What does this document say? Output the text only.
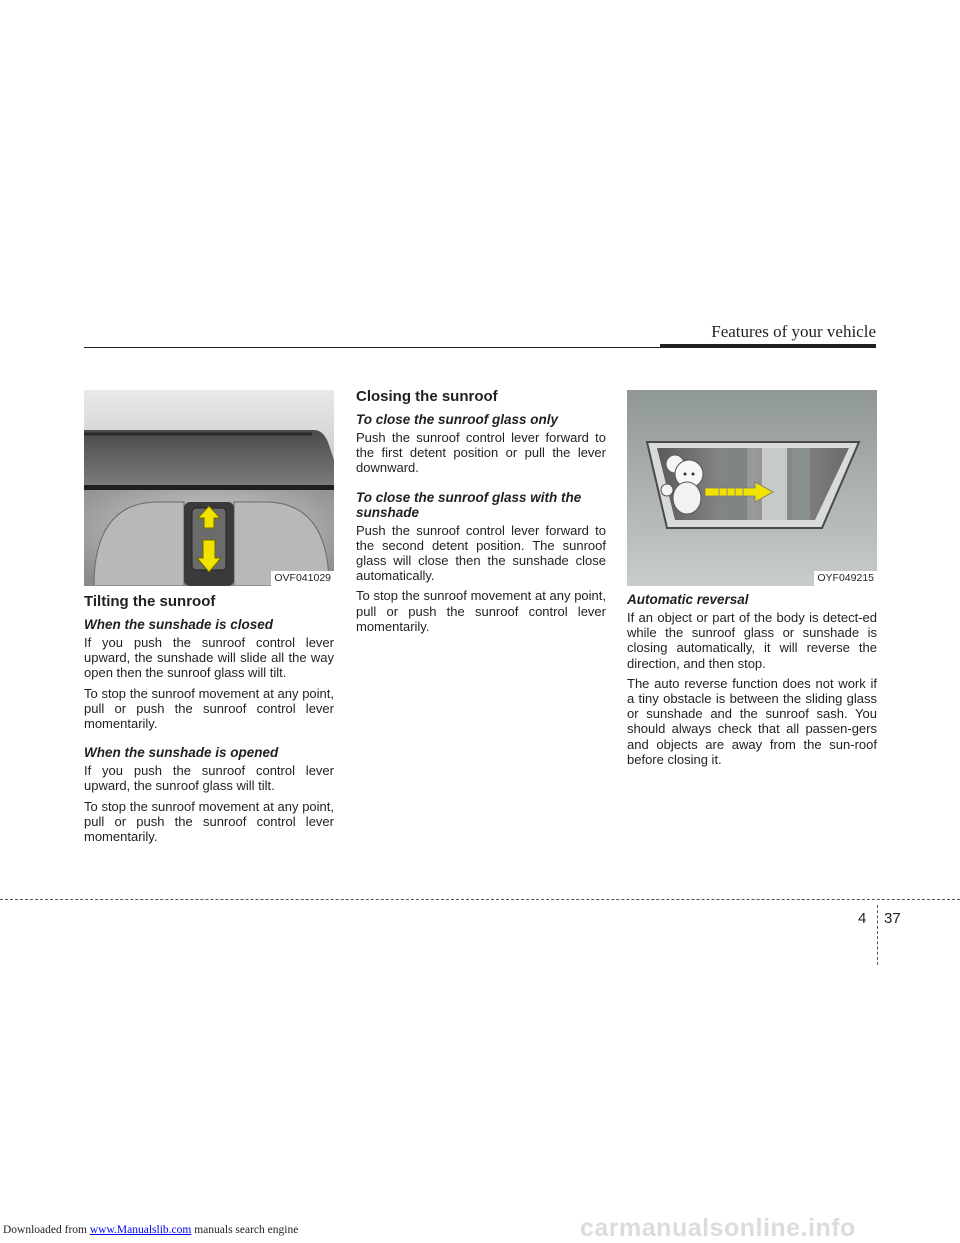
Features of your vehicle
OVF041029	OYF049215
Tilting the sunroof
When the sunshade is closed

If you push the sunroof control lever upward, the sunshade will slide all the way open then the sunroof glass will tilt.

To stop the sunroof movement at any point, pull or push the sunroof control lever momentarily.

When the sunshade is opened

If you push the sunroof control lever upward, the sunroof glass will tilt.

To stop the sunroof movement at any point, pull or push the sunroof control lever momentarily.

Closing the sunroof
To close the sunroof glass only

Push the sunroof control lever forward to the first detent position or pull the lever downward.

To close the sunroof glass with the sunshade

Push the sunroof control lever forward to the second detent position. The sunroof glass will close then the sunshade close automatically.

To stop the sunroof movement at any point, pull or push the sunroof control lever momentarily.

Automatic reversal

If an object or part of the body is detect-ed while the sunroof glass or sunshade is closing automatically, it will reverse the direction, and then stop.

The auto reverse function does not work if a tiny obstacle is between the sliding glass or sunshade and the sunroof sash. You should always check that all passen-gers and objects are away from the sun-roof before closing it.

4 37
carmanualsonline.info
Downloaded from www.Manualslib.com manuals search engine
